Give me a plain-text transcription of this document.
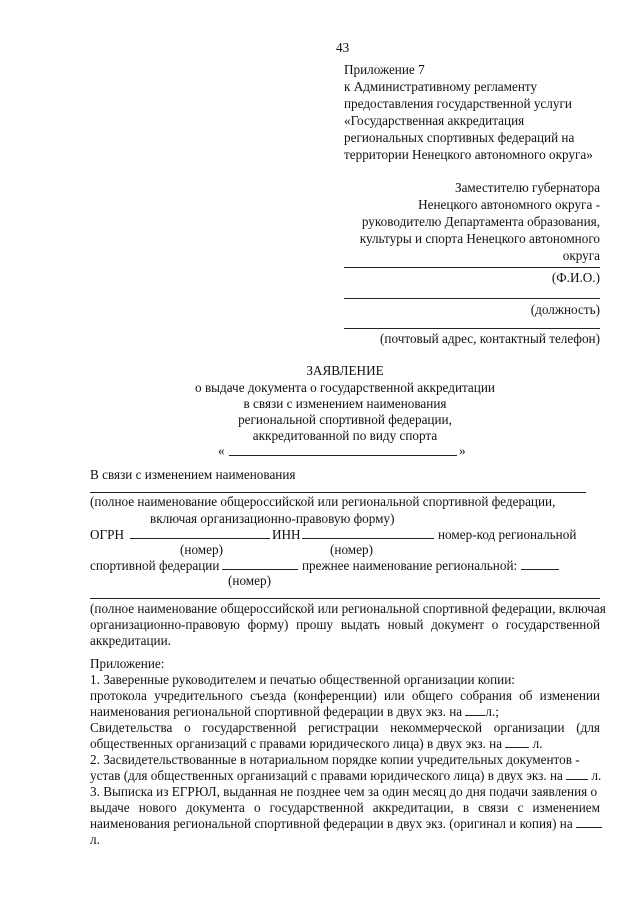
43
Приложение 7
к Административному регламенту
предоставления государственной услуги
«Государственная аккредитация
региональных спортивных федераций на
территории Ненецкого автономного округа»
Заместителю губернатора
Ненецкого автономного округа -
руководителю Департамента образования,
культуры и спорта Ненецкого автономного
округа
(Ф.И.О.)
(должность)
(почтовый адрес, контактный телефон)
ЗАЯВЛЕНИЕ
о выдаче документа о государственной аккредитации
в связи с изменением наименования
региональной спортивной федерации,
аккредитованной по виду спорта
«	»
В связи с изменением наименования
(полное наименование общероссийской или региональной спортивной федерации,
включая организационно-правовую форму)
ОГРН	ИНН	номер-код региональной
(номер)	(номер)
спортивной федерации	прежнее наименование региональной:
(номер)
(полное наименование общероссийской или региональной спортивной федерации, включая
организационно-правовую форму) прошу выдать новый документ о государственной
аккредитации.
Приложение:
1. Заверенные руководителем и печатью общественной организации копии:
протокола учредительного съезда (конференции) или общего собрания об изменении
наименования региональной спортивной федерации в двух экз. на л.;
Свидетельства о государственной регистрации некоммерческой организации (для
общественных организаций с правами юридического лица) в двух экз. на л.
2. Засвидетельствованные в нотариальном порядке копии учредительных документов -
устав (для общественных организаций с правами юридического лица) в двух экз. на л.
3. Выписка из ЕГРЮЛ, выданная не позднее чем за один месяц до дня подачи заявления о
выдаче нового документа о государственной аккредитации, в связи с изменением
наименования региональной спортивной федерации в двух экз. (оригинал и копия) на
л.
